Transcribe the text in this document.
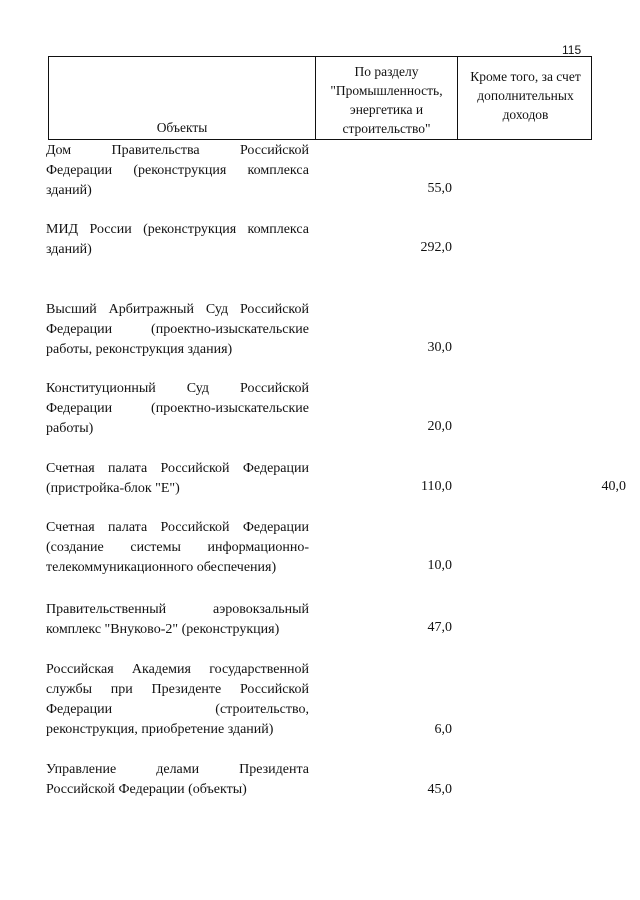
115
Объекты
По разделу
"Промышленность,
энергетика и
строительство"
Кроме того, за счет
дополнительных
доходов
Дом Правительства Российской
Федерации (реконструкция комплекса
зданий)	55,0
МИД России (реконструкция комплекса
зданий)	292,0
Высший Арбитражный Суд Российской
Федерации (проектно-изыскательские
работы, реконструкция здания)	30,0
Конституционный Суд Российской
Федерации (проектно-изыскательские
работы)	20,0
Счетная палата Российской Федерации
(пристройка-блок "Е")	110,0	40,0
Счетная палата Российской Федерации
(создание системы информационно-
телекоммуникационного обеспечения)	10,0
Правительственный аэровокзальный
комплекс "Внуково-2" (реконструкция)	47,0
Российская Академия государственной
службы при Президенте Российской
Федерации (строительство,
реконструкция, приобретение зданий)	6,0
Управление делами Президента
Российской Федерации (объекты)	45,0
